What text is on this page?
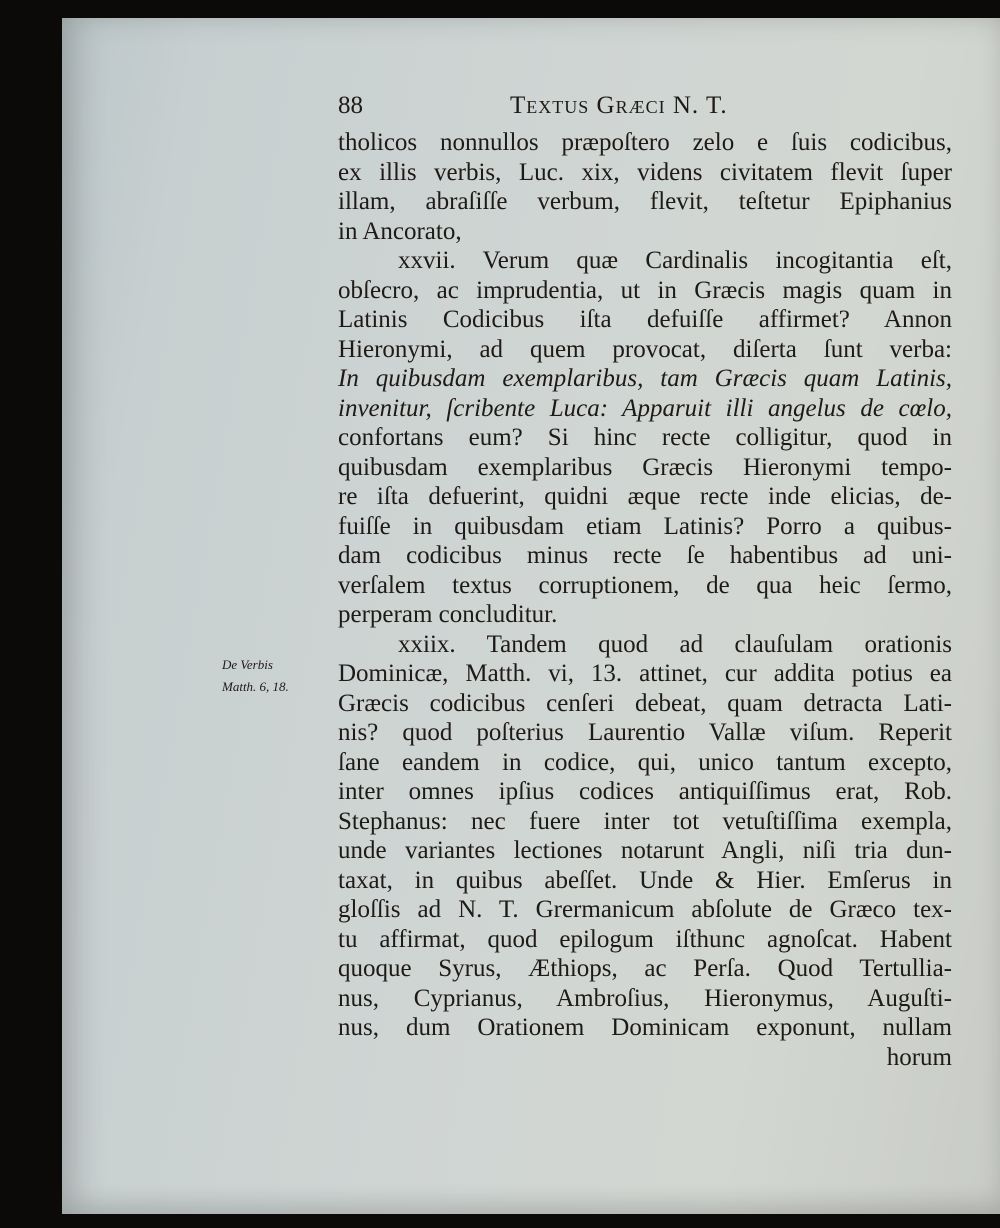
88	Textus Græci N. T.
De Verbis
Matth. 6, 18.
tholicos nonnullos præpoſtero zelo e ſuis codicibus,
ex illis verbis, Luc. xix, videns civitatem flevit ſuper
illam, abraſiſſe verbum, flevit, teſtetur Epiphanius
in Ancorato,
xxvii. Verum quæ Cardinalis incogitantia eſt,
obſecro, ac imprudentia, ut in Græcis magis quam in
Latinis Codicibus iſta defuiſſe affirmet? Annon
Hieronymi, ad quem provocat, diſerta ſunt verba:
In quibusdam exemplaribus, tam Græcis quam Latinis,
invenitur, ſcribente Luca: Apparuit illi angelus de cœlo,
confortans eum? Si hinc recte colligitur, quod in
quibusdam exemplaribus Græcis Hieronymi tempo-
re iſta defuerint, quidni æque recte inde elicias, de-
fuiſſe in quibusdam etiam Latinis? Porro a quibus-
dam codicibus minus recte ſe habentibus ad uni-
verſalem textus corruptionem, de qua heic ſermo,
perperam concluditur.
xxiix. Tandem quod ad clauſulam orationis
Dominicæ, Matth. vi, 13. attinet, cur addita potius ea
Græcis codicibus cenſeri debeat, quam detracta Lati-
nis? quod poſterius Laurentio Vallæ viſum. Reperit
ſane eandem in codice, qui, unico tantum excepto,
inter omnes ipſius codices antiquiſſimus erat, Rob.
Stephanus: nec fuere inter tot vetuſtiſſima exempla,
unde variantes lectiones notarunt Angli, niſi tria dun-
taxat, in quibus abeſſet. Unde & Hier. Emſerus in
gloſſis ad N. T. Grermanicum abſolute de Græco tex-
tu affirmat, quod epilogum iſthunc agnoſcat. Habent
quoque Syrus, Æthiops, ac Perſa. Quod Tertullia-
nus, Cyprianus, Ambroſius, Hieronymus, Auguſti-
nus, dum Orationem Dominicam exponunt, nullam
horum
